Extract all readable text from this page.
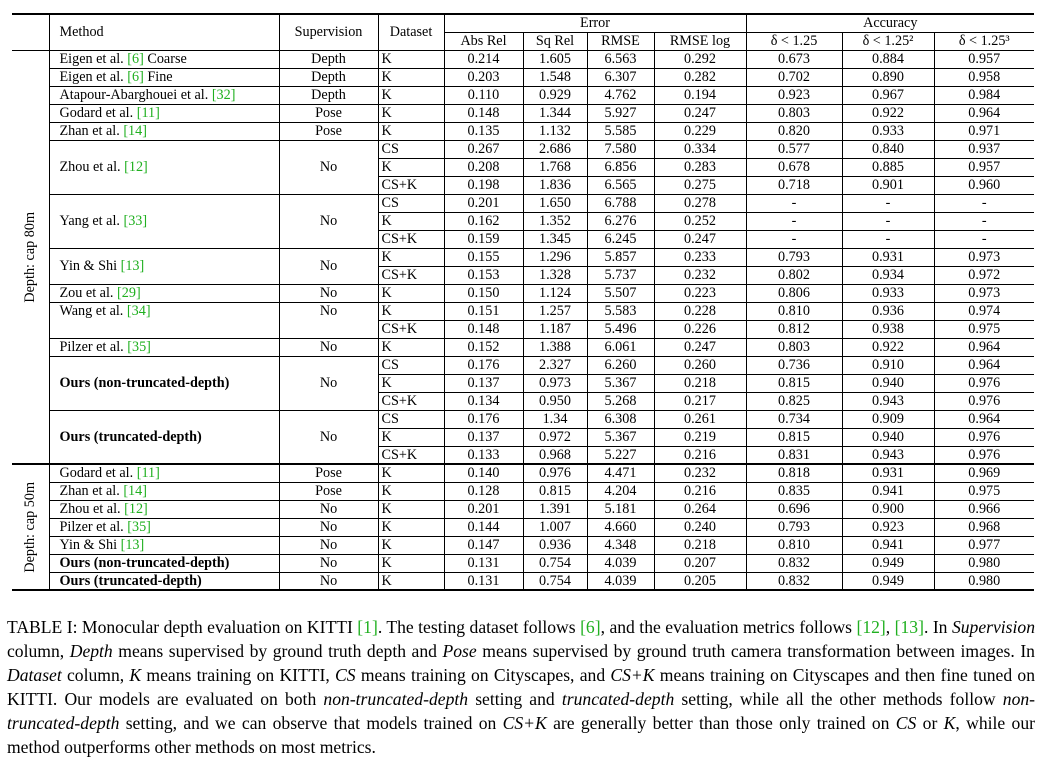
	Method	Supervision	Dataset	Error				Accuracy		
				Abs Rel	Sq Rel	RMSE	RMSE log	δ < 1.25	δ < 1.25²	δ < 1.25³

Depth: cap 80m	Eigen et al. [6] Coarse	Depth	K	0.214	1.605	6.563	0.292	0.673	0.884	0.957
	Eigen et al. [6] Fine	Depth	K	0.203	1.548	6.307	0.282	0.702	0.890	0.958
	Atapour-Abarghouei et al. [32]	Depth	K	0.110	0.929	4.762	0.194	0.923	0.967	0.984
	Godard et al. [11]	Pose	K	0.148	1.344	5.927	0.247	0.803	0.922	0.964
	Zhan et al. [14]	Pose	K	0.135	1.132	5.585	0.229	0.820	0.933	0.971
	Zhou et al. [12]	No	CS	0.267	2.686	7.580	0.334	0.577	0.840	0.937
			K	0.208	1.768	6.856	0.283	0.678	0.885	0.957
			CS+K	0.198	1.836	6.565	0.275	0.718	0.901	0.960
	Yang et al. [33]	No	CS	0.201	1.650	6.788	0.278	-	-	-
			K	0.162	1.352	6.276	0.252	-	-	-
			CS+K	0.159	1.345	6.245	0.247	-	-	-
	Yin & Shi [13]	No	K	0.155	1.296	5.857	0.233	0.793	0.931	0.973
			CS+K	0.153	1.328	5.737	0.232	0.802	0.934	0.972
	Zou et al. [29]	No	K	0.150	1.124	5.507	0.223	0.806	0.933	0.973
	Wang et al. [34]	No	K	0.151	1.257	5.583	0.228	0.810	0.936	0.974
			CS+K	0.148	1.187	5.496	0.226	0.812	0.938	0.975
	Pilzer et al. [35]	No	K	0.152	1.388	6.061	0.247	0.803	0.922	0.964
	Ours (non-truncated-depth)	No	CS	0.176	2.327	6.260	0.260	0.736	0.910	0.964
			K	0.137	0.973	5.367	0.218	0.815	0.940	0.976
			CS+K	0.134	0.950	5.268	0.217	0.825	0.943	0.976
	Ours (truncated-depth)	No	CS	0.176	1.34	6.308	0.261	0.734	0.909	0.964
			K	0.137	0.972	5.367	0.219	0.815	0.940	0.976
			CS+K	0.133	0.968	5.227	0.216	0.831	0.943	0.976

Depth: cap 50m	Godard et al. [11]	Pose	K	0.140	0.976	4.471	0.232	0.818	0.931	0.969
	Zhan et al. [14]	Pose	K	0.128	0.815	4.204	0.216	0.835	0.941	0.975
	Zhou et al. [12]	No	K	0.201	1.391	5.181	0.264	0.696	0.900	0.966
	Pilzer et al. [35]	No	K	0.144	1.007	4.660	0.240	0.793	0.923	0.968
	Yin & Shi [13]	No	K	0.147	0.936	4.348	0.218	0.810	0.941	0.977
	Ours (non-truncated-depth)	No	K	0.131	0.754	4.039	0.207	0.832	0.949	0.980
	Ours (truncated-depth)	No	K	0.131	0.754	4.039	0.205	0.832	0.949	0.980
TABLE I: Monocular depth evaluation on KITTI [1]. The testing dataset follows [6], and the evaluation metrics follows [12], [13]. In Supervision column, Depth means supervised by ground truth depth and Pose means supervised by ground truth camera transformation between images. In Dataset column, K means training on KITTI, CS means training on Cityscapes, and CS+K means training on Cityscapes and then fine tuned on KITTI. Our models are evaluated on both non-truncated-depth setting and truncated-depth setting, while all the other methods follow non-truncated-depth setting, and we can observe that models trained on CS+K are generally better than those only trained on CS or K, while our method outperforms other methods on most metrics.
